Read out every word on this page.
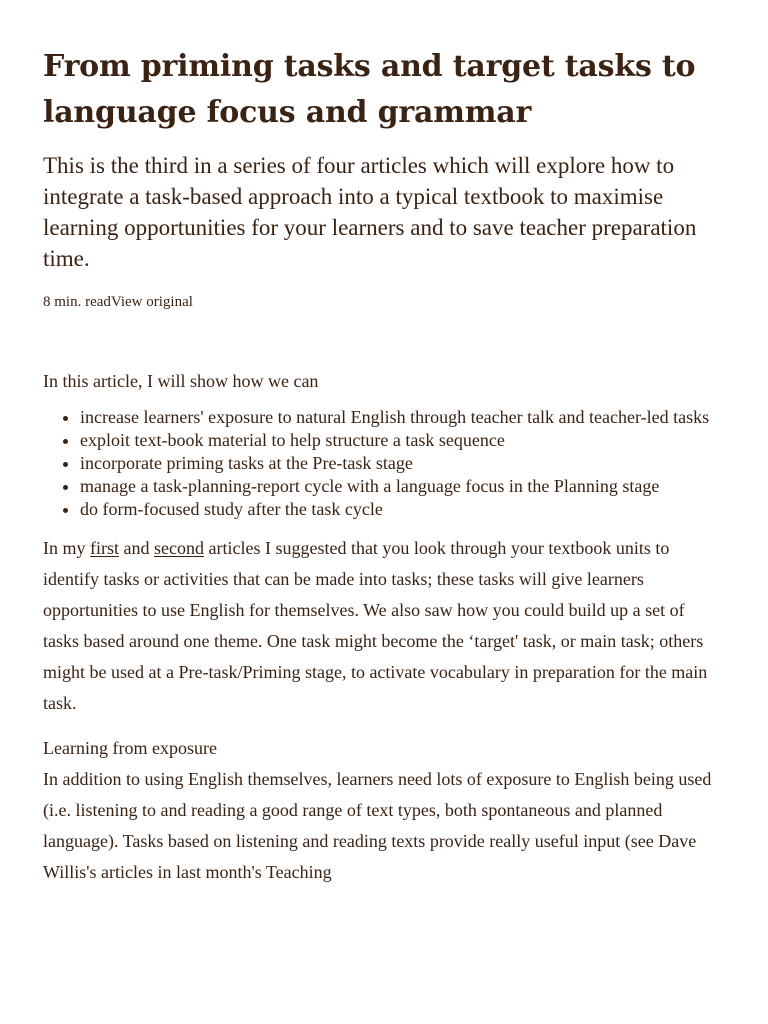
From priming tasks and target tasks to language focus and grammar

This is the third in a series of four articles which will explore how to integrate a task-based approach into a typical textbook to maximise learning opportunities for your learners and to save teacher preparation time.

8 min. readView original

In this article, I will show how we can

• increase learners' exposure to natural English through teacher talk and teacher-led tasks
• exploit text-book material to help structure a task sequence
• incorporate priming tasks at the Pre-task stage
• manage a task-planning-report cycle with a language focus in the Planning stage
• do form-focused study after the task cycle

In my first and second articles I suggested that you look through your textbook units to identify tasks or activities that can be made into tasks; these tasks will give learners opportunities to use English for themselves. We also saw how you could build up a set of tasks based around one theme. One task might become the ‘target' task, or main task; others might be used at a Pre-task/Priming stage, to activate vocabulary in preparation for the main task.

Learning from exposure
In addition to using English themselves, learners need lots of exposure to English being used (i.e. listening to and reading a good range of text types, both spontaneous and planned language). Tasks based on listening and reading texts provide really useful input (see Dave Willis's articles in last month's Teaching
